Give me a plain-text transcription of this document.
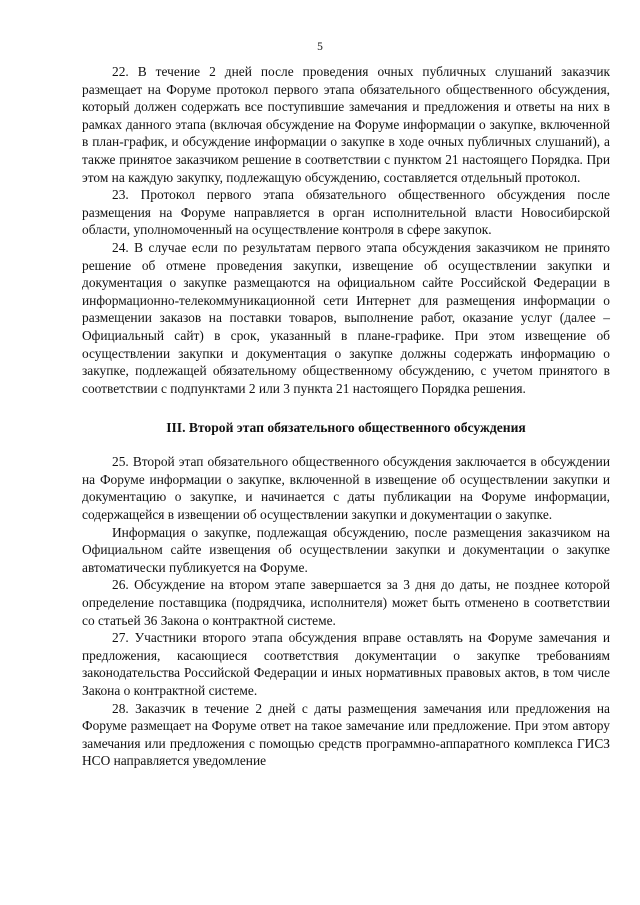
5

22. В течение 2 дней после проведения очных публичных слушаний заказчик размещает на Форуме протокол первого этапа обязательного общественного обсуждения, который должен содержать все поступившие замечания и предложения и ответы на них в рамках данного этапа (включая обсуждение на Форуме информации о закупке, включенной в план-график, и обсуждение информации о закупке в ходе очных публичных слушаний), а также принятое заказчиком решение в соответствии с пунктом 21 настоящего Порядка. При этом на каждую закупку, подлежащую обсуждению, составляется отдельный протокол.

23. Протокол первого этапа обязательного общественного обсуждения после размещения на Форуме направляется в орган исполнительной власти Новосибирской области, уполномоченный на осуществление контроля в сфере закупок.

24. В случае если по результатам первого этапа обсуждения заказчиком не принято решение об отмене проведения закупки, извещение об осуществлении закупки и документация о закупке размещаются на официальном сайте Российской Федерации в информационно-телекоммуникационной сети Интернет для размещения информации о размещении заказов на поставки товаров, выполнение работ, оказание услуг (далее – Официальный сайт) в срок, указанный в плане-графике. При этом извещение об осуществлении закупки и документация о закупке должны содержать информацию о закупке, подлежащей обязательному общественному обсуждению, с учетом принятого в соответствии с подпунктами 2 или 3 пункта 21 настоящего Порядка решения.

III. Второй этап обязательного общественного обсуждения

25. Второй этап обязательного общественного обсуждения заключается в обсуждении на Форуме информации о закупке, включенной в извещение об осуществлении закупки и документацию о закупке, и начинается с даты публикации на Форуме информации, содержащейся в извещении об осуществлении закупки и документации о закупке.

Информация о закупке, подлежащая обсуждению, после размещения заказчиком на Официальном сайте извещения об осуществлении закупки и документации о закупке автоматически публикуется на Форуме.

26. Обсуждение на втором этапе завершается за 3 дня до даты, не позднее которой определение поставщика (подрядчика, исполнителя) может быть отменено в соответствии со статьей 36 Закона о контрактной системе.

27. Участники второго этапа обсуждения вправе оставлять на Форуме замечания и предложения, касающиеся соответствия документации о закупке требованиям законодательства Российской Федерации и иных нормативных правовых актов, в том числе Закона о контрактной системе.

28. Заказчик в течение 2 дней с даты размещения замечания или предложения на Форуме размещает на Форуме ответ на такое замечание или предложение. При этом автору замечания или предложения с помощью средств программно-аппаратного комплекса ГИСЗ НСО направляется уведомление
